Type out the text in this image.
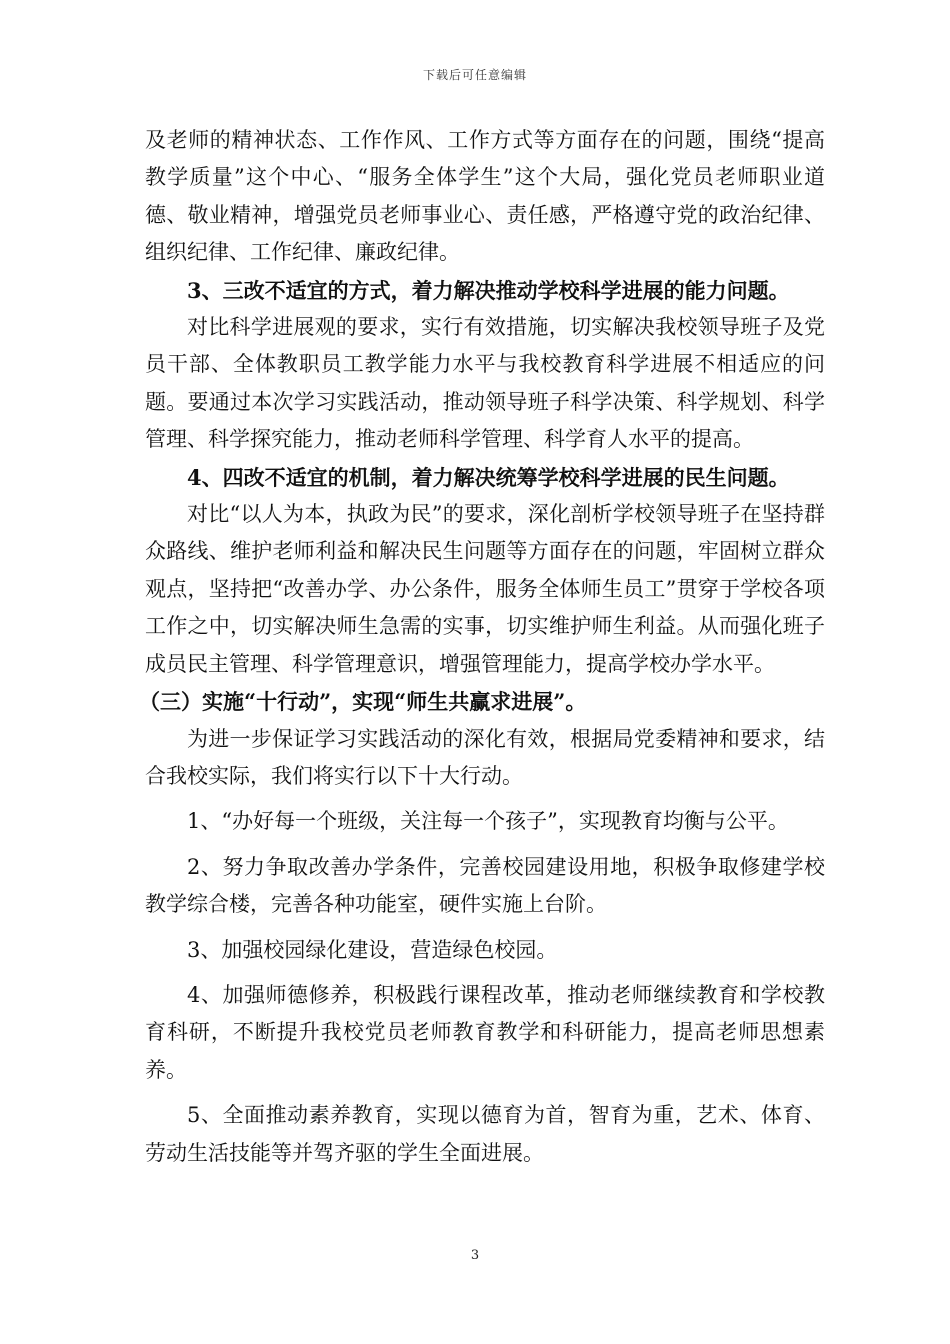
下载后可任意编辑

及老师的精神状态、工作作风、工作方式等方面存在的问题，围绕“提高教学质量”这个中心、“服务全体学生”这个大局，强化党员老师职业道德、敬业精神，增强党员老师事业心、责任感，严格遵守党的政治纪律、组织纪律、工作纪律、廉政纪律。

3、三改不适宜的方式，着力解决推动学校科学进展的能力问题。

对比科学进展观的要求，实行有效措施，切实解决我校领导班子及党员干部、全体教职员工教学能力水平与我校教育科学进展不相适应的问题。要通过本次学习实践活动，推动领导班子科学决策、科学规划、科学管理、科学探究能力，推动老师科学管理、科学育人水平的提高。

4、四改不适宜的机制，着力解决统筹学校科学进展的民生问题。

对比“以人为本，执政为民”的要求，深化剖析学校领导班子在坚持群众路线、维护老师利益和解决民生问题等方面存在的问题，牢固树立群众观点，坚持把“改善办学、办公条件，服务全体师生员工”贯穿于学校各项工作之中，切实解决师生急需的实事，切实维护师生利益。从而强化班子成员民主管理、科学管理意识，增强管理能力，提高学校办学水平。

（三）实施“十行动”，实现“师生共赢求进展”。

为进一步保证学习实践活动的深化有效，根据局党委精神和要求，结合我校实际，我们将实行以下十大行动。

1、“办好每一个班级，关注每一个孩子”，实现教育均衡与公平。

2、努力争取改善办学条件，完善校园建设用地，积极争取修建学校教学综合楼，完善各种功能室，硬件实施上台阶。

3、加强校园绿化建设，营造绿色校园。

4、加强师德修养，积极践行课程改革，推动老师继续教育和学校教育科研，不断提升我校党员老师教育教学和科研能力，提高老师思想素养。

5、全面推动素养教育，实现以德育为首，智育为重，艺术、体育、劳动生活技能等并驾齐驱的学生全面进展。

3
